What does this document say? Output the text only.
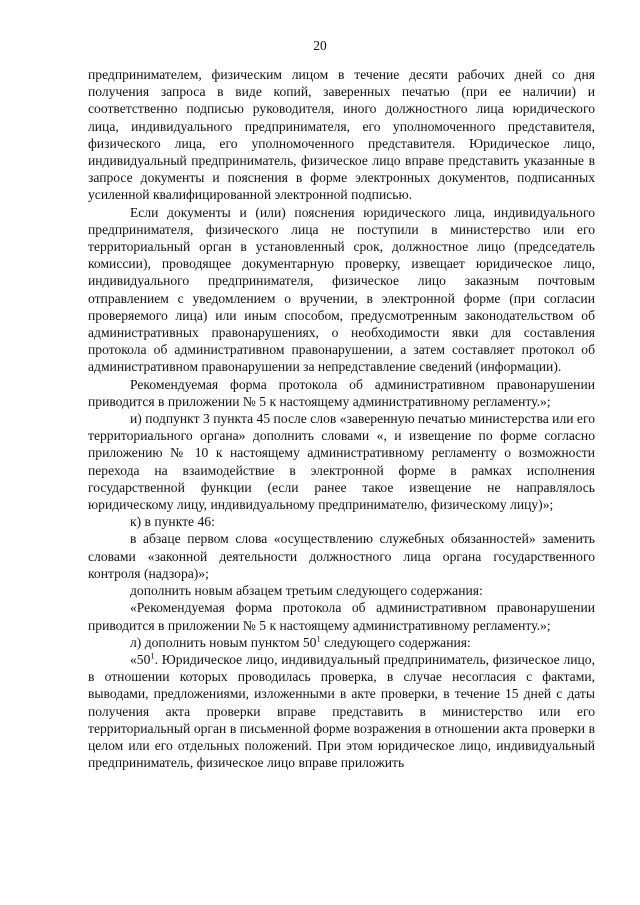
20

предпринимателем, физическим лицом в течение десяти рабочих дней со дня получения запроса в виде копий, заверенных печатью (при ее наличии) и соответственно подписью руководителя, иного должностного лица юридического лица, индивидуального предпринимателя, его уполномоченного представителя, физического лица, его уполномоченного представителя. Юридическое лицо, индивидуальный предприниматель, физическое лицо вправе представить указанные в запросе документы и пояснения в форме электронных документов, подписанных усиленной квалифицированной электронной подписью.

Если документы и (или) пояснения юридического лица, индивидуального предпринимателя, физического лица не поступили в министерство или его территориальный орган в установленный срок, должностное лицо (председатель комиссии), проводящее документарную проверку, извещает юридическое лицо, индивидуального предпринимателя, физическое лицо заказным почтовым отправлением с уведомлением о вручении, в электронной форме (при согласии проверяемого лица) или иным способом, предусмотренным законодательством об административных правонарушениях, о необходимости явки для составления протокола об административном правонарушении, а затем составляет протокол об административном правонарушении за непредставление сведений (информации).

Рекомендуемая форма протокола об административном правонарушении приводится в приложении № 5 к настоящему административному регламенту.»;

и) подпункт 3 пункта 45 после слов «заверенную печатью министерства или его территориального органа» дополнить словами «, и извещение по форме согласно приложению № 10 к настоящему административному регламенту о возможности перехода на взаимодействие в электронной форме в рамках исполнения государственной функции (если ранее такое извещение не направлялось юридическому лицу, индивидуальному предпринимателю, физическому лицу)»;

к) в пункте 46:

в абзаце первом слова «осуществлению служебных обязанностей» заменить словами «законной деятельности должностного лица органа государственного контроля (надзора)»;

дополнить новым абзацем третьим следующего содержания:

«Рекомендуемая форма протокола об административном правонарушении приводится в приложении № 5 к настоящему административному регламенту.»;

л) дополнить новым пунктом $50^1$ следующего содержания:

«$50^1$. Юридическое лицо, индивидуальный предприниматель, физическое лицо, в отношении которых проводилась проверка, в случае несогласия с фактами, выводами, предложениями, изложенными в акте проверки, в течение 15 дней с даты получения акта проверки вправе представить в министерство или его территориальный орган в письменной форме возражения в отношении акта проверки в целом или его отдельных положений. При этом юридическое лицо, индивидуальный предприниматель, физическое лицо вправе приложить
